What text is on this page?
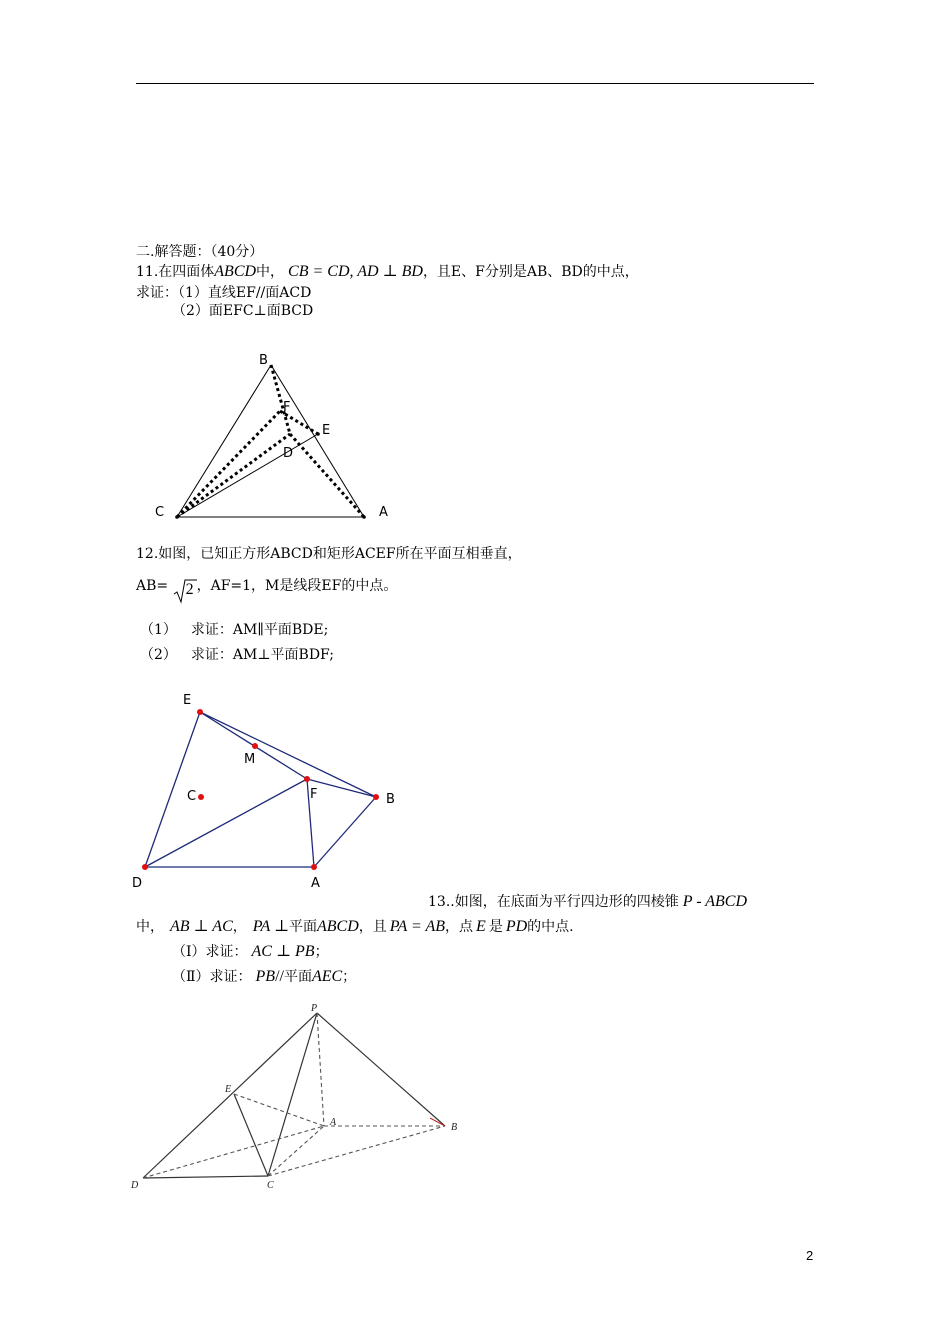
二.解答题：（40分）
11.在四面体ABCD中， CB = CD, AD ⊥ BD，且E、F分别是AB、BD的中点，
求证：（1）直线EF//面ACD
（2）面EFC⊥面BCD
B
F
E
D
C	A
12.如图，已知正方形ABCD和矩形ACEF所在平面互相垂直，
AB= 2 ，AF=1，M是线段EF的中点。
（1） 求证：AM∥平面BDE;
（2） 求证：AM⊥平面BDF;
E
M
C	F	B
D	A
13..如图，在底面为平行四边形的四棱锥 P - ABCD
中， AB ⊥ AC， PA ⊥平面ABCD，且 PA = AB，点 E 是 PD的中点.
（Ⅰ）求证： AC ⊥ PB；
（Ⅱ）求证： PB//平面AEC；
P
E
A	B
D	C
2
